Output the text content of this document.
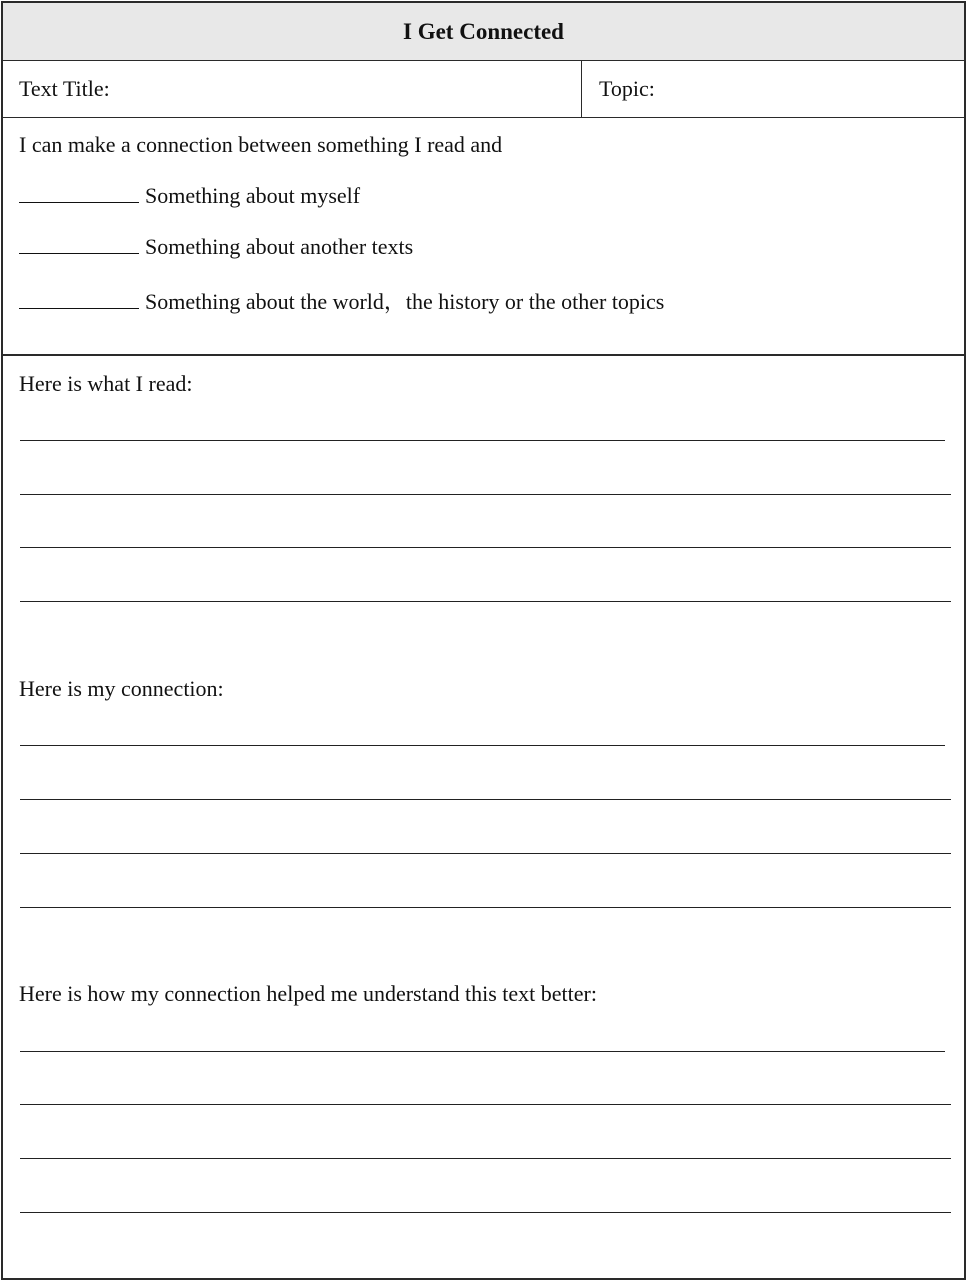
I Get Connected
Text Title:	Topic:
I can make a connection between something I read and
Something about myself
Something about another texts
Something about the world，the history or the other topics
Here is what I read:
Here is my connection:
Here is how my connection helped me understand this text better:
